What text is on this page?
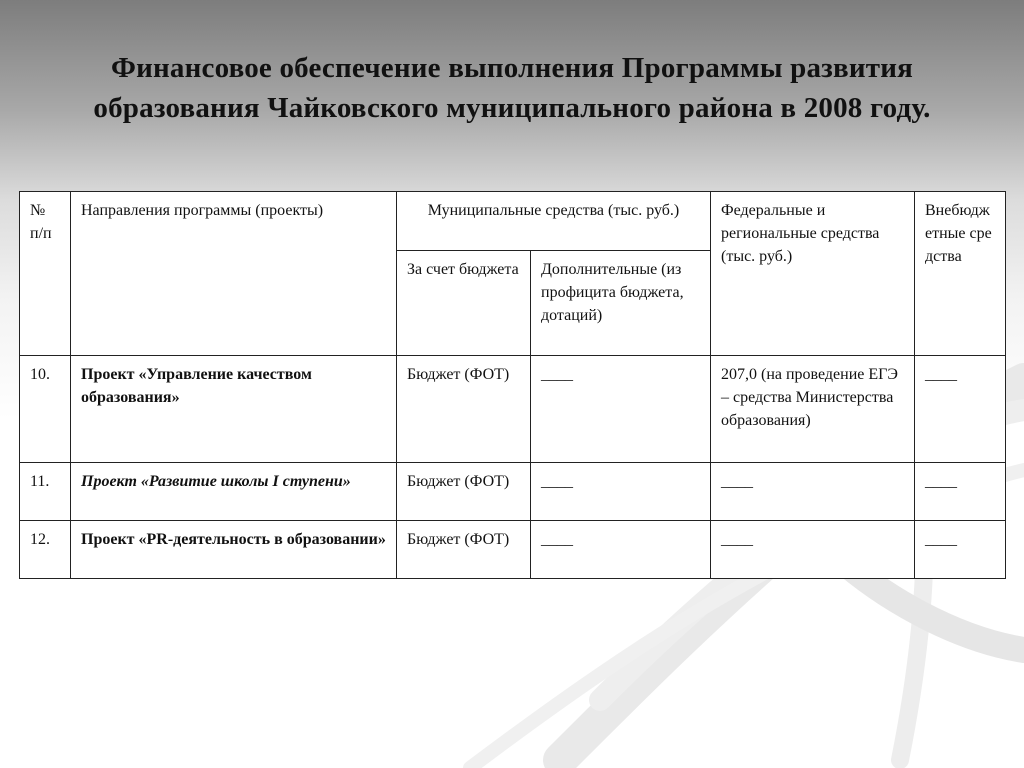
Финансовое обеспечение выполнения Программы развития
образования Чайковского муниципального района в 2008 году.
№ п/п	Направления программы (проекты)	Муниципальные средства (тыс. руб.)		Федеральные и региональные средства (тыс. руб.)	Внебюджетные средства
		За счет бюджета	Дополнительные (из профицита бюджета, дотаций)		
10.	Проект «Управление качеством образования»	Бюджет (ФОТ)	____	207,0 (на проведение ЕГЭ – средства Министерства образования)	____
11.	Проект «Развитие школы I ступени»	Бюджет (ФОТ)	____	____	____
12.	Проект «PR-деятельность в образовании»	Бюджет (ФОТ)	____	____	____
